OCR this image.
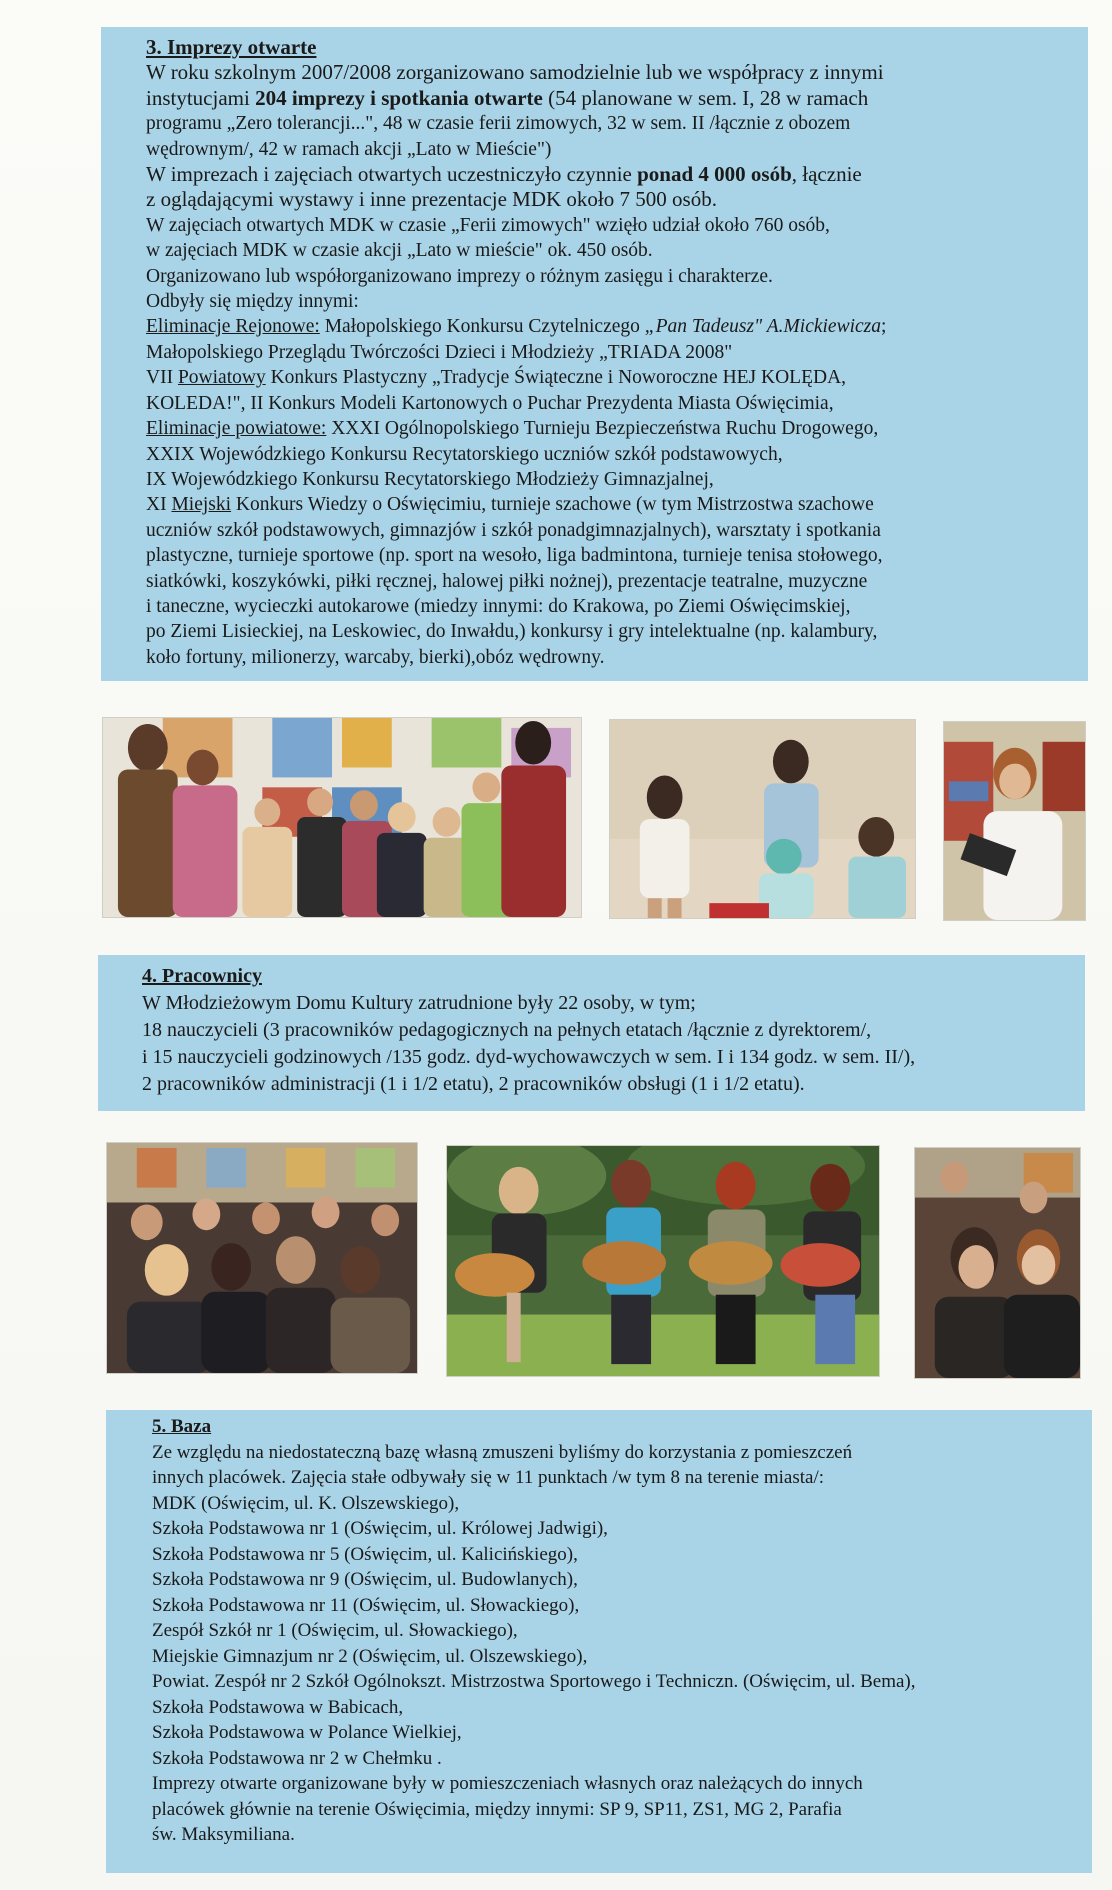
3. Imprezy otwarte
W roku szkolnym 2007/2008 zorganizowano samodzielnie lub we współpracy z innymi
instytucjami 204 imprezy i spotkania otwarte (54 planowane w sem. I, 28 w ramach
programu „Zero tolerancji...", 48 w czasie ferii zimowych, 32 w sem. II /łącznie z obozem
wędrownym/, 42 w ramach akcji „Lato w Mieście")
W imprezach i zajęciach otwartych uczestniczyło czynnie ponad 4 000 osób, łącznie
z oglądającymi wystawy i inne prezentacje MDK około 7 500 osób.
W zajęciach otwartych MDK w czasie „Ferii zimowych" wzięło udział około 760 osób,
w zajęciach MDK w czasie akcji „Lato w mieście" ok. 450 osób.
Organizowano lub współorganizowano imprezy o różnym zasięgu i charakterze.
Odbyły się między innymi:
Eliminacje Rejonowe: Małopolskiego Konkursu Czytelniczego „Pan Tadeusz" A.Mickiewicza;
Małopolskiego Przeglądu Twórczości Dzieci i Młodzieży „TRIADA 2008"
VII Powiatowy Konkurs Plastyczny „Tradycje Świąteczne i Noworoczne HEJ KOLĘDA,
KOLEDA!", II Konkurs Modeli Kartonowych o Puchar Prezydenta Miasta Oświęcimia,
Eliminacje powiatowe: XXXI Ogólnopolskiego Turnieju Bezpieczeństwa Ruchu Drogowego,
XXIX Wojewódzkiego Konkursu Recytatorskiego uczniów szkół podstawowych,
IX Wojewódzkiego Konkursu Recytatorskiego Młodzieży Gimnazjalnej,
XI Miejski Konkurs Wiedzy o Oświęcimiu, turnieje szachowe (w tym Mistrzostwa szachowe
uczniów szkół podstawowych, gimnazjów i szkół ponadgimnazjalnych), warsztaty i spotkania
plastyczne, turnieje sportowe (np. sport na wesoło, liga badmintona, turnieje tenisa stołowego,
siatkówki, koszykówki, piłki ręcznej, halowej piłki nożnej), prezentacje teatralne, muzyczne
i taneczne, wycieczki autokarowe (miedzy innymi: do Krakowa, po Ziemi Oświęcimskiej,
po Ziemi Lisieckiej, na Leskowiec, do Inwałdu,) konkursy i gry intelektualne (np. kalambury,
koło fortuny, milionerzy, warcaby, bierki),obóz wędrowny.
4. Pracownicy
W Młodzieżowym Domu Kultury zatrudnione były 22 osoby, w tym;
18 nauczycieli (3 pracowników pedagogicznych na pełnych etatach /łącznie z dyrektorem/,
i 15 nauczycieli godzinowych /135 godz. dyd-wychowawczych w sem. I i 134 godz. w sem. II/),
2 pracowników administracji (1 i 1/2 etatu), 2 pracowników obsługi (1 i 1/2 etatu).
5. Baza
Ze względu na niedostateczną bazę własną zmuszeni byliśmy do korzystania z pomieszczeń
innych placówek. Zajęcia stałe odbywały się w 11 punktach /w tym 8 na terenie miasta/:
MDK (Oświęcim, ul. K. Olszewskiego),
Szkoła Podstawowa nr 1 (Oświęcim, ul. Królowej Jadwigi),
Szkoła Podstawowa nr 5 (Oświęcim, ul. Kalicińskiego),
Szkoła Podstawowa nr 9 (Oświęcim, ul. Budowlanych),
Szkoła Podstawowa nr 11 (Oświęcim, ul. Słowackiego),
Zespół Szkół nr 1 (Oświęcim, ul. Słowackiego),
Miejskie Gimnazjum nr 2 (Oświęcim, ul. Olszewskiego),
Powiat. Zespół nr 2 Szkół Ogólnokszt. Mistrzostwa Sportowego i Techniczn. (Oświęcim, ul. Bema),
Szkoła Podstawowa w Babicach,
Szkoła Podstawowa w Polance Wielkiej,
Szkoła Podstawowa nr 2 w Chełmku .
Imprezy otwarte organizowane były w pomieszczeniach własnych oraz należących do innych
placówek głównie na terenie Oświęcimia, między innymi: SP 9, SP11, ZS1, MG 2, Parafia
św. Maksymiliana.
